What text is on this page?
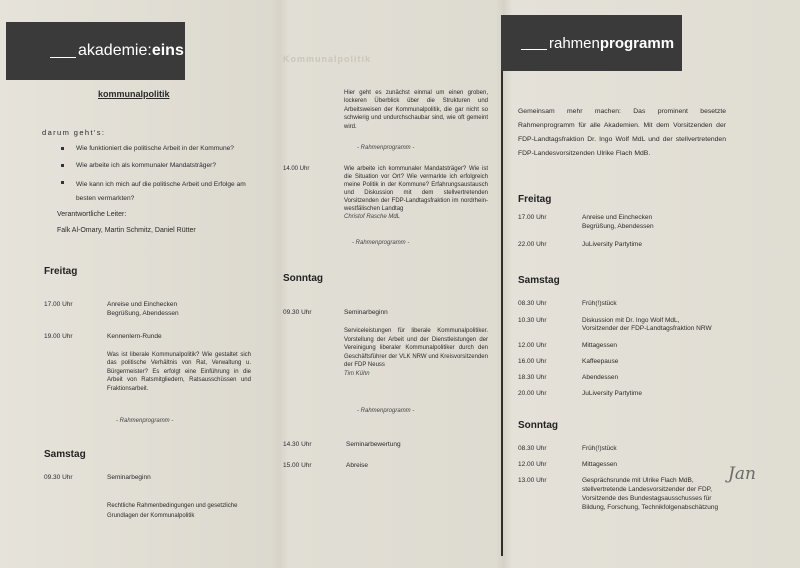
akademie: eins
kommunalpolitik
darum geht's:
Wie funktioniert die politische Arbeit in der Kommune?
Wie arbeite ich als kommunaler Mandatsträger?
Wie kann ich mich auf die politische Arbeit und Erfolge am besten vermarkten?
Verantwortliche Leiter:
Falk Al-Omary, Martin Schmitz, Daniel Rütter
Freitag
17.00 Uhr	Anreise und Einchecken
Begrüßung, Abendessen
19.00 Uhr	Kennenlern-Runde
Was ist liberale Kommunalpolitik? Wie gestaltet sich das politische Verhältnis von Rat, Verwaltung u. Bürgermeister? Es erfolgt eine Einführung in die Arbeit von Ratsmitgliedern, Ratsausschüssen und Fraktionsarbeit.
- Rahmenprogramm -
Samstag
09.30 Uhr	Seminarbeginn
Rechtliche Rahmenbedingungen und gesetzliche Grundlagen der Kommunalpolitik
Kommunalpolitik
Hier geht es zunächst einmal um einen groben, lockeren Überblick über die Strukturen und Arbeitsweisen der Kommunalpolitik, die gar nicht so schwierig und undurchschaubar sind, wie oft gemeint wird.
- Rahmenprogramm -
14.00 Uhr	Wie arbeite ich kommunaler Mandatsträger? Wie ist die Situation vor Ort? Wie vermarkte ich erfolgreich meine Politik in der Kommune? Erfahrungsaustausch und Diskussion mit dem stellvertretenden Vorsitzenden der FDP-Landtagsfraktion im nordrhein-westfälischen Landtag
Christof Rasche MdL
- Rahmenprogramm -
Sonntag
09.30 Uhr	Seminarbeginn
Serviceleistungen für liberale Kommunalpolitiker. Vorstellung der Arbeit und der Dienstleistungen der Vereinigung liberaler Kommunalpolitiker durch den Geschäftsführer der VLK NRW und Kreisvorsitzenden der FDP Neuss
Tim Kühn
- Rahmenprogramm -
14.30 Uhr	Seminarbewertung
15.00 Uhr	Abreise
rahmen programm
Gemeinsam mehr machen: Das prominent besetzte Rahmenprogramm für alle Akademien. Mit dem Vorsitzenden der FDP-Landtagsfraktion Dr. Ingo Wolf MdL und der stellvertretenden FDP-Landesvorsitzenden Ulrike Flach MdB.
Freitag
17.00 Uhr	Anreise und Einchecken
Begrüßung, Abendessen
22.00 Uhr	JuLiversity Partytime
Samstag
08.30 Uhr	Früh(!)stück
10.30 Uhr	Diskussion mit Dr. Ingo Wolf MdL,
Vorsitzender der FDP-Landtagsfraktion NRW
12.00 Uhr	Mittagessen
16.00 Uhr	Kaffeepause
18.30 Uhr	Abendessen
20.00 Uhr	JuLiversity Partytime
Sonntag
08.30 Uhr	Früh(!)stück
12.00 Uhr	Mittagessen
13.00 Uhr	Gesprächsrunde mit Ulrike Flach MdB,
stellvertretende Landesvorsitzender der FDP,
Vorsitzende des Bundestagsausschusses für
Bildung, Forschung, Technikfolgenabschätzung
Jan
